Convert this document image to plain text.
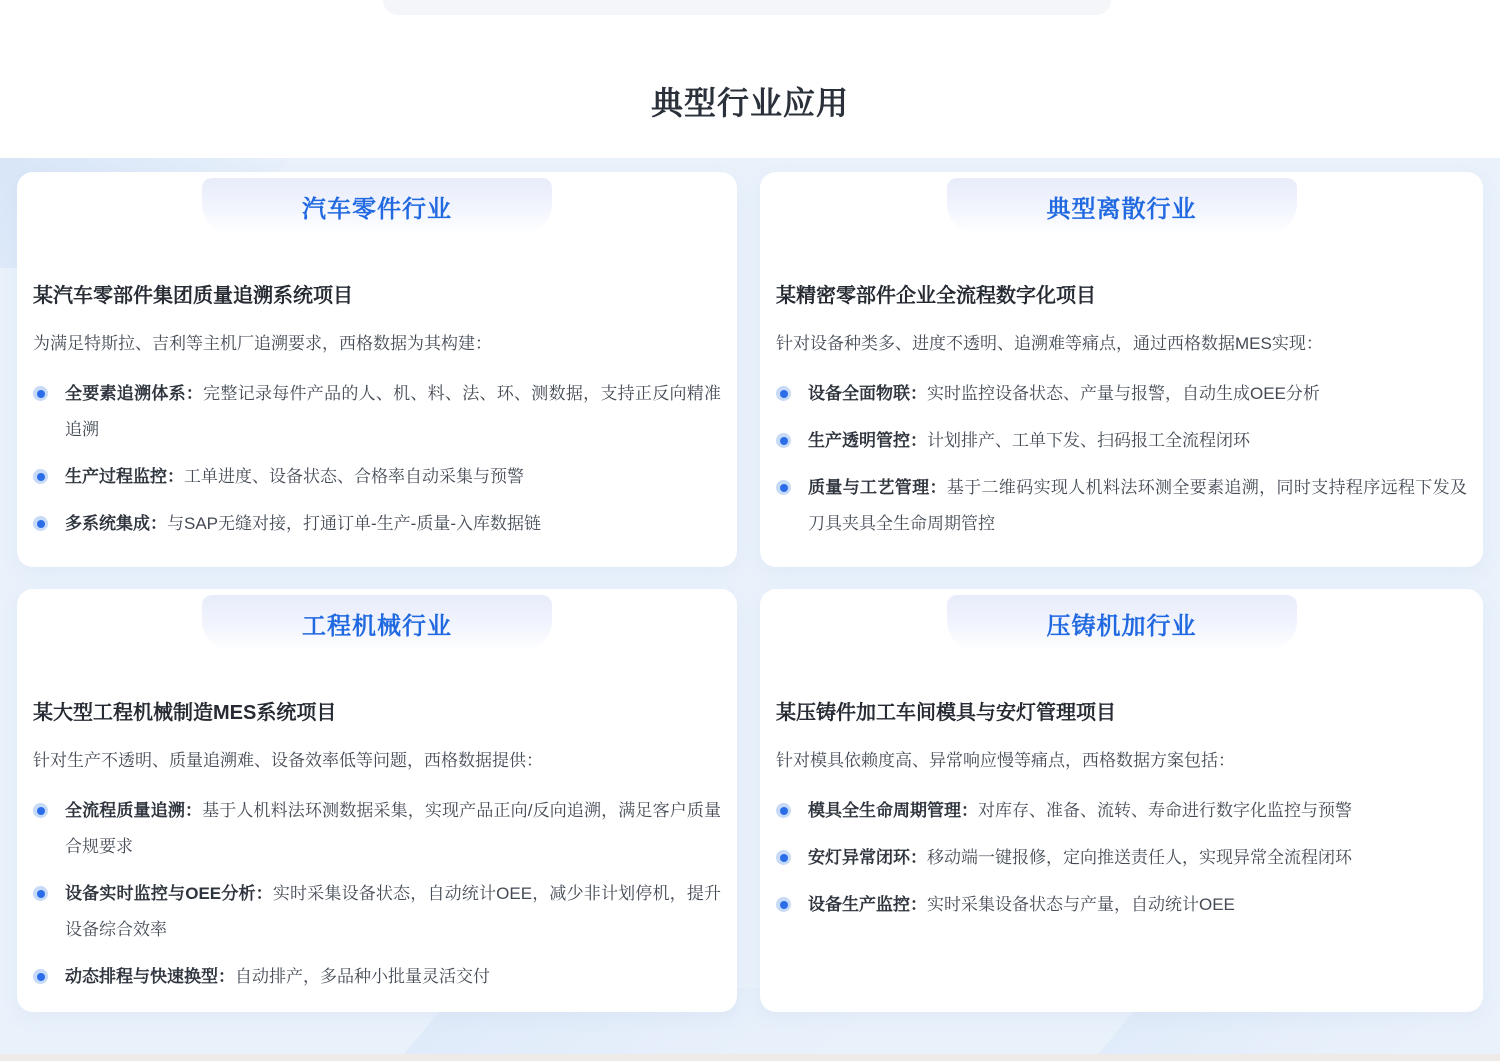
典型行业应用
汽车零件行业
某汽车零部件集团质量追溯系统项目

为满足特斯拉、吉利等主机厂追溯要求，西格数据为其构建：

全要素追溯体系：完整记录每件产品的人、机、料、法、环、测数据，支持正反向精准追溯

生产过程监控：工单进度、设备状态、合格率自动采集与预警

多系统集成：与SAP无缝对接，打通订单-生产-质量-入库数据链

典型离散行业
某精密零部件企业全流程数字化项目

针对设备种类多、进度不透明、追溯难等痛点，通过西格数据MES实现：

设备全面物联：实时监控设备状态、产量与报警，自动生成OEE分析

生产透明管控：计划排产、工单下发、扫码报工全流程闭环

质量与工艺管理：基于二维码实现人机料法环测全要素追溯，同时支持程序远程下发及刀具夹具全生命周期管控

工程机械行业
某大型工程机械制造MES系统项目

针对生产不透明、质量追溯难、设备效率低等问题，西格数据提供：

全流程质量追溯：基于人机料法环测数据采集，实现产品正向/反向追溯，满足客户质量合规要求

设备实时监控与OEE分析：实时采集设备状态，自动统计OEE，减少非计划停机，提升设备综合效率

动态排程与快速换型：自动排产，多品种小批量灵活交付

压铸机加行业
某压铸件加工车间模具与安灯管理项目

针对模具依赖度高、异常响应慢等痛点，西格数据方案包括：

模具全生命周期管理：对库存、准备、流转、寿命进行数字化监控与预警

安灯异常闭环：移动端一键报修，定向推送责任人，实现异常全流程闭环

设备生产监控：实时采集设备状态与产量，自动统计OEE
